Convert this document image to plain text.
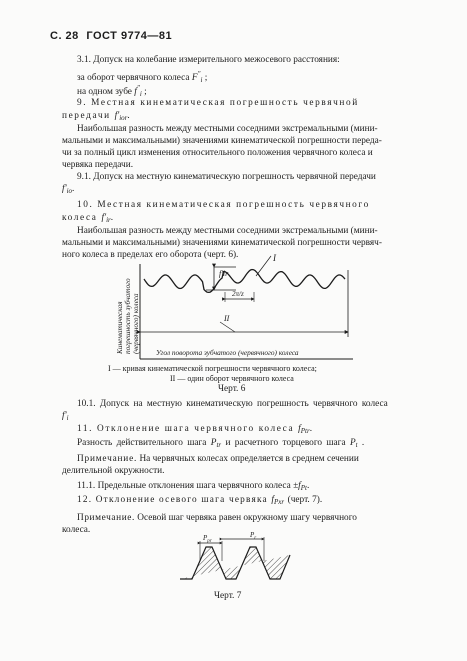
С. 28 ГОСТ 9774—81
3.1. Допуск на колебание измерительного межосевого расстояния:
за оборот червячного колеса $F^"_i$ ;
на одном зубе $f^"_i$ ;
9. Местная кинематическая погрешность червячной
передачи $f'_{ior}$.
Наибольшая разность между местными соседними экстремальными (мини-
мальными и максимальными) значениями кинематической погрешности переда-
чи за полный цикл изменения относительного положения червячного колеса и
червяка передачи.
9.1. Допуск на местную кинематическую погрешность червячной передачи
$f'_{io}$.
10. Местная кинематическая погрешность червячного
колеса $f'_{ir}$.
Наибольшая разность между местными соседними экстремальными (мини-
мальными и максимальными) значениями кинематической погрешности червяч-
ного колеса в пределах его оборота (черт. 6).
Кинематическая погрешность зубчатого (червячного) колеса
I
f'ir
2π/z
II
Угол поворота зубчатого (червячного) колеса
I — кривая кинематической погрешности червячного колеса;
II — один оборот червячного колеса
Черт. 6
10.1. Допуск на местную кинематическую погрешность червячного колеса
$f'_i$
11. Отклонение шага червячного колеса $f_{Ptr}$.
Разность действительного шага $P_{tr}$ и расчетного торцевого шага $P_t$ .
Примечание. На червячных колесах определяется в среднем сечении
делительной окружности.
11.1. Предельные отклонения шага червячного колеса $\pm f_{Pt}$.
12. Отклонение осевого шага червяка $f_{Pxr}$ (черт. 7).
Примечание. Осевой шаг червяка равен окружному шагу червячного
колеса.
$P_{pr}$
$P_r$
Черт. 7
